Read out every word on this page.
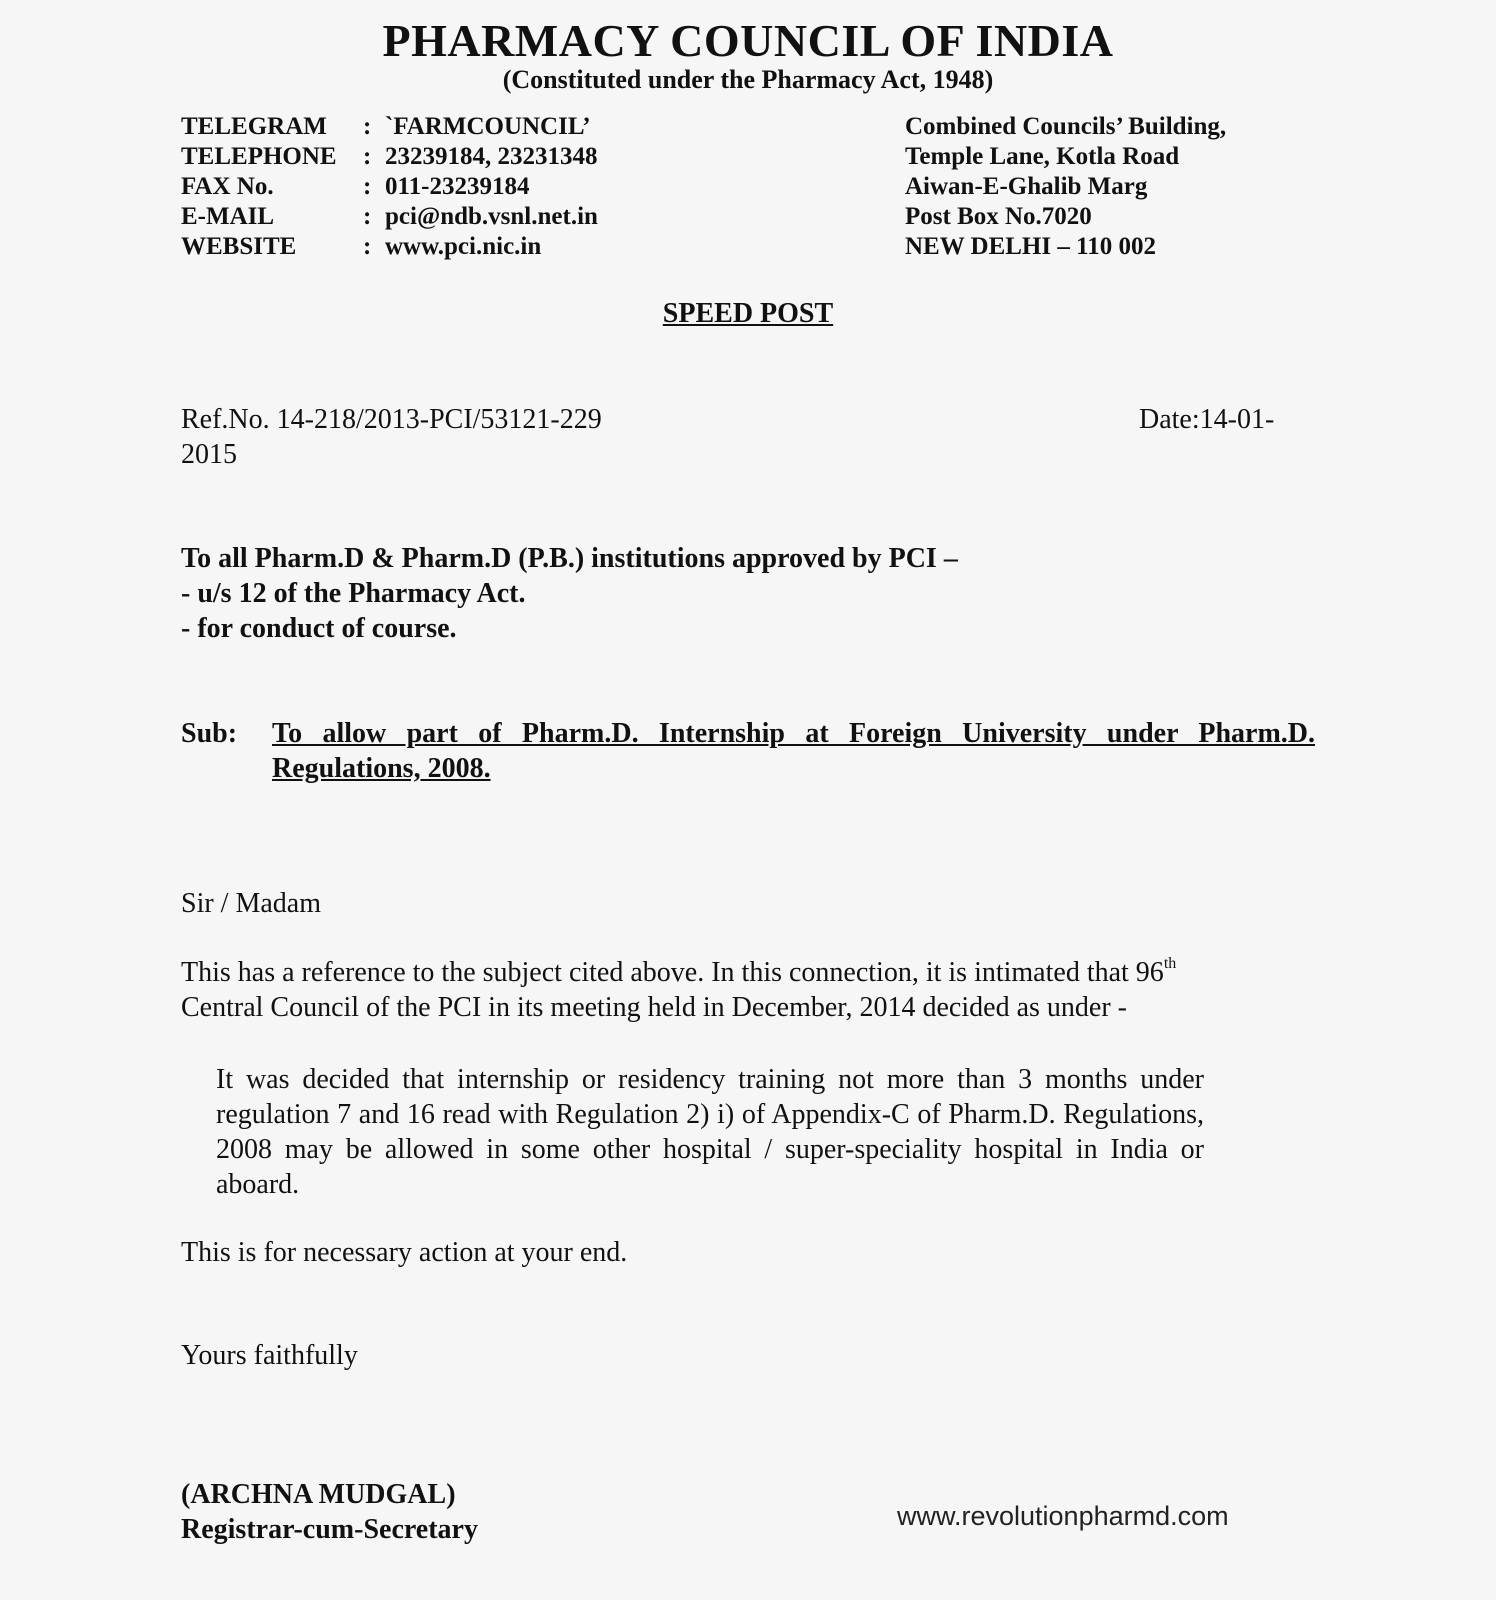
PHARMACY COUNCIL OF INDIA
(Constituted under the Pharmacy Act, 1948)
TELEGRAM : `FARMCOUNCIL’
TELEPHONE : 23239184, 23231348
FAX No.	: 011-23239184
E-MAIL	: pci@ndb.vsnl.net.in
WEBSITE	: www.pci.nic.in
Combined Councils’ Building,
Temple Lane, Kotla Road
Aiwan-E-Ghalib Marg
Post Box No.7020
NEW DELHI – 110 002
SPEED POST
Ref.No. 14-218/2013-PCI/53121-229	Date:14-01-
2015
To all Pharm.D & Pharm.D (P.B.) institutions approved by PCI –
- u/s 12 of the Pharmacy Act.
- for conduct of course.
Sub: To allow part of Pharm.D. Internship at Foreign University under Pharm.D.
Regulations, 2008.
Sir / Madam
This has a reference to the subject cited above. In this connection, it is intimated that 96th
Central Council of the PCI in its meeting held in December, 2014 decided as under -
It was decided that internship or residency training not more than 3 months under regulation 7 and 16 read with Regulation 2) i) of Appendix-C of Pharm.D. Regulations, 2008 may be allowed in some other hospital / super-speciality hospital in India or aboard.
This is for necessary action at your end.
Yours faithfully
(ARCHNA MUDGAL)
Registrar-cum-Secretary	www.revolutionpharmd.com
